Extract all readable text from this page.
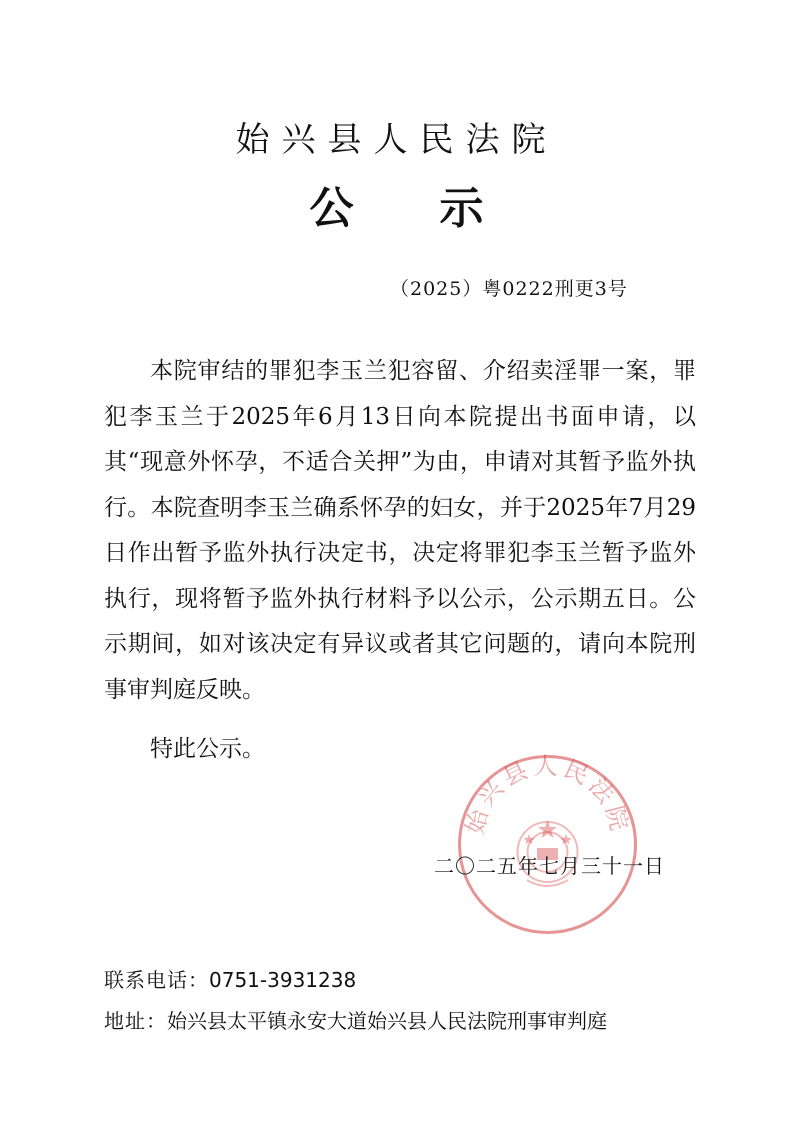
始兴县人民法院
公示
（2025）粤0222刑更3号

本院审结的罪犯李玉兰犯容留、介绍卖淫罪一案，罪犯李玉兰于2025年6月13日向本院提出书面申请，以其“现意外怀孕，不适合关押”为由，申请对其暂予监外执行。本院查明李玉兰确系怀孕的妇女，并于2025年7月29日作出暂予监外执行决定书，决定将罪犯李玉兰暂予监外执行，现将暂予监外执行材料予以公示，公示期五日。公示期间，如对该决定有异议或者其它问题的，请向本院刑事审判庭反映。

特此公示。

始兴县人民法院
二〇二五年七月三十一日
联系电话：0751-3931238
地址：始兴县太平镇永安大道始兴县人民法院刑事审判庭
